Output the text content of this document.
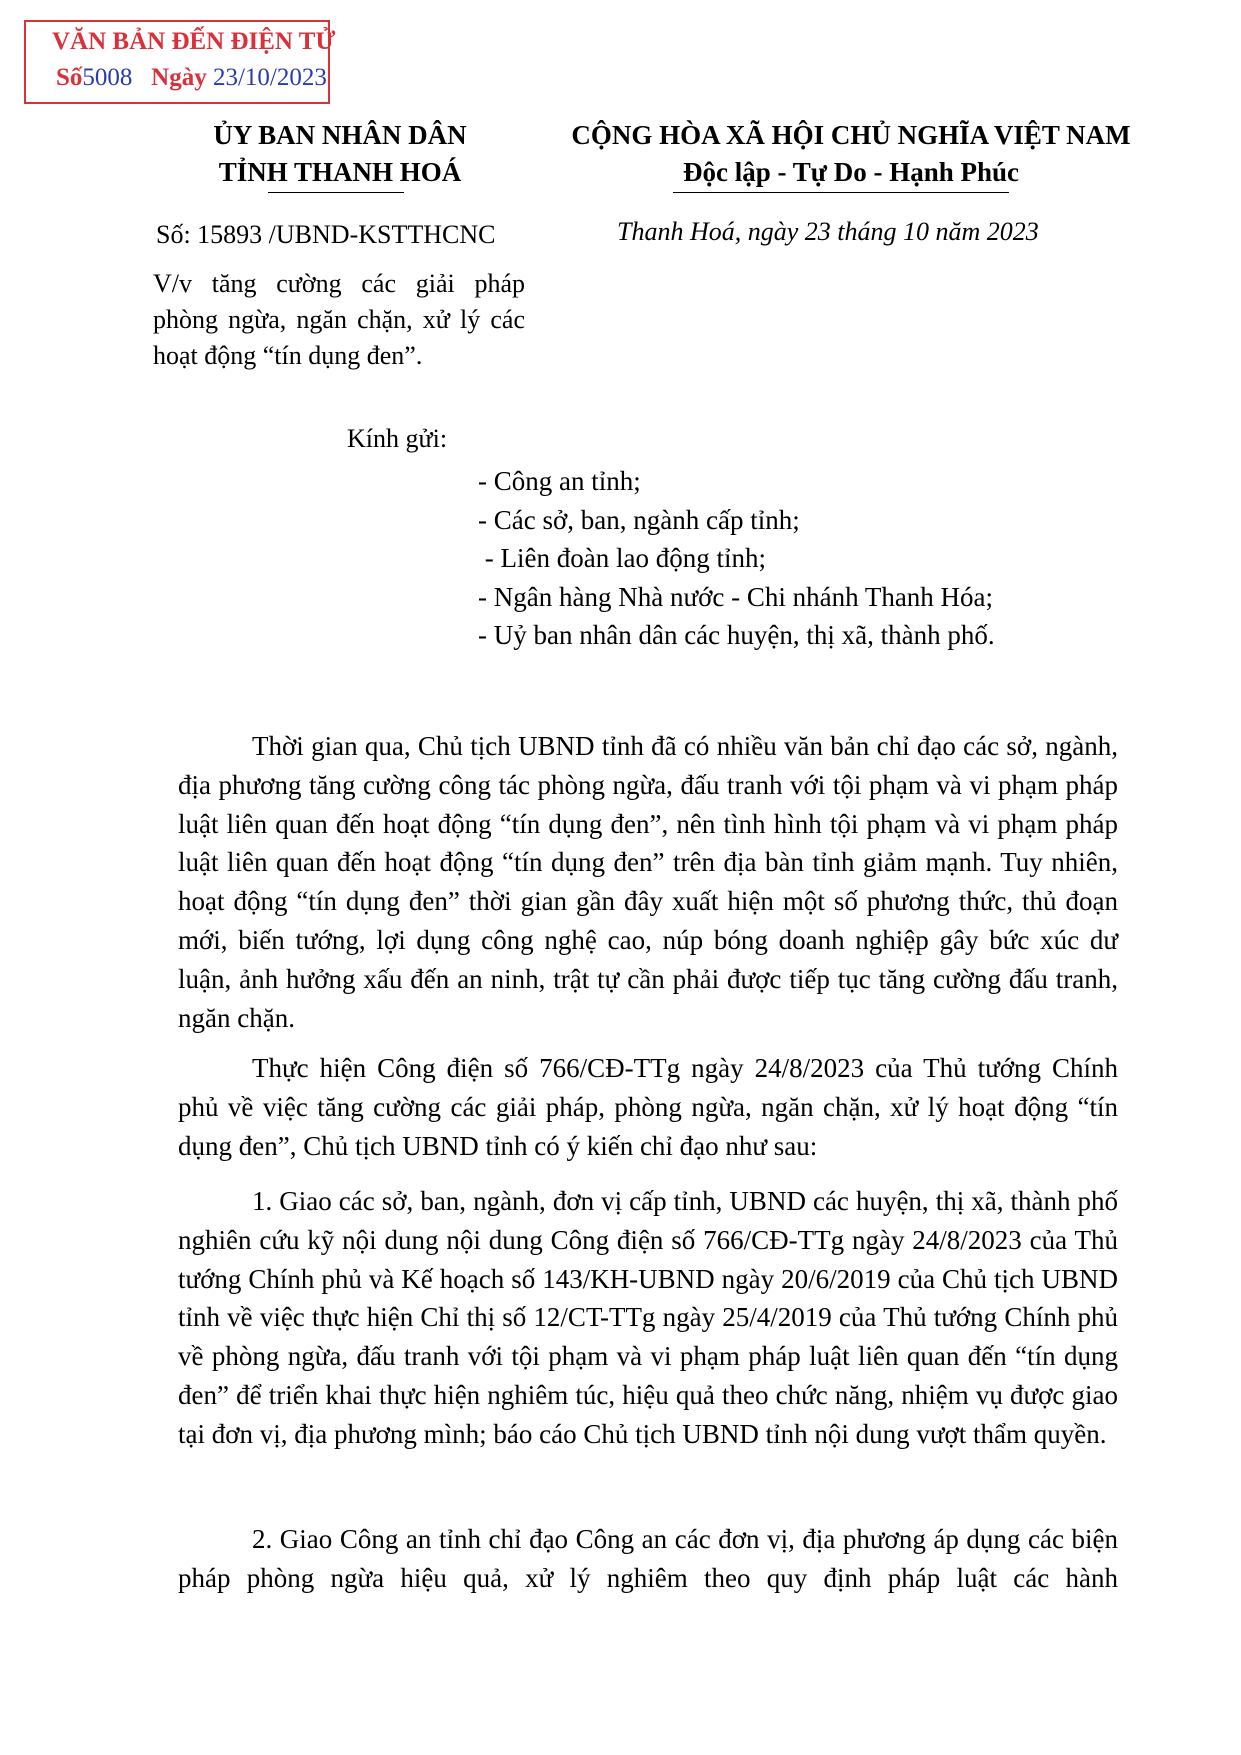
VĂN BẢN ĐẾN ĐIỆN TỬ
Số5008 Ngày 23/10/2023
ỦY BAN NHÂN DÂN
TỈNH THANH HOÁ
CỘNG HÒA XÃ HỘI CHỦ NGHĨA VIỆT NAM
Độc lập - Tự Do - Hạnh Phúc
Số: 15893 /UBND-KSTTHCNC	Thanh Hoá, ngày 23 tháng 10 năm 2023
V/v tăng cường các giải pháp phòng ngừa, ngăn chặn, xử lý các hoạt động “tín dụng đen”.
Kính gửi:
- Công an tỉnh;
- Các sở, ban, ngành cấp tỉnh;
- Liên đoàn lao động tỉnh;
- Ngân hàng Nhà nước - Chi nhánh Thanh Hóa;
- Uỷ ban nhân dân các huyện, thị xã, thành phố.
Thời gian qua, Chủ tịch UBND tỉnh đã có nhiều văn bản chỉ đạo các sở, ngành, địa phương tăng cường công tác phòng ngừa, đấu tranh với tội phạm và vi phạm pháp luật liên quan đến hoạt động “tín dụng đen”, nên tình hình tội phạm và vi phạm pháp luật liên quan đến hoạt động “tín dụng đen” trên địa bàn tỉnh giảm mạnh. Tuy nhiên, hoạt động “tín dụng đen” thời gian gần đây xuất hiện một số phương thức, thủ đoạn mới, biến tướng, lợi dụng công nghệ cao, núp bóng doanh nghiệp gây bức xúc dư luận, ảnh hưởng xấu đến an ninh, trật tự cần phải được tiếp tục tăng cường đấu tranh, ngăn chặn.
Thực hiện Công điện số 766/CĐ-TTg ngày 24/8/2023 của Thủ tướng Chính phủ về việc tăng cường các giải pháp, phòng ngừa, ngăn chặn, xử lý hoạt động “tín dụng đen”, Chủ tịch UBND tỉnh có ý kiến chỉ đạo như sau:
1. Giao các sở, ban, ngành, đơn vị cấp tỉnh, UBND các huyện, thị xã, thành phố nghiên cứu kỹ nội dung nội dung Công điện số 766/CĐ-TTg ngày 24/8/2023 của Thủ tướng Chính phủ và Kế hoạch số 143/KH-UBND ngày 20/6/2019 của Chủ tịch UBND tỉnh về việc thực hiện Chỉ thị số 12/CT-TTg ngày 25/4/2019 của Thủ tướng Chính phủ về phòng ngừa, đấu tranh với tội phạm và vi phạm pháp luật liên quan đến “tín dụng đen” để triển khai thực hiện nghiêm túc, hiệu quả theo chức năng, nhiệm vụ được giao tại đơn vị, địa phương mình; báo cáo Chủ tịch UBND tỉnh nội dung vượt thẩm quyền.
2. Giao Công an tỉnh chỉ đạo Công an các đơn vị, địa phương áp dụng các biện pháp phòng ngừa hiệu quả, xử lý nghiêm theo quy định pháp luật các hành
